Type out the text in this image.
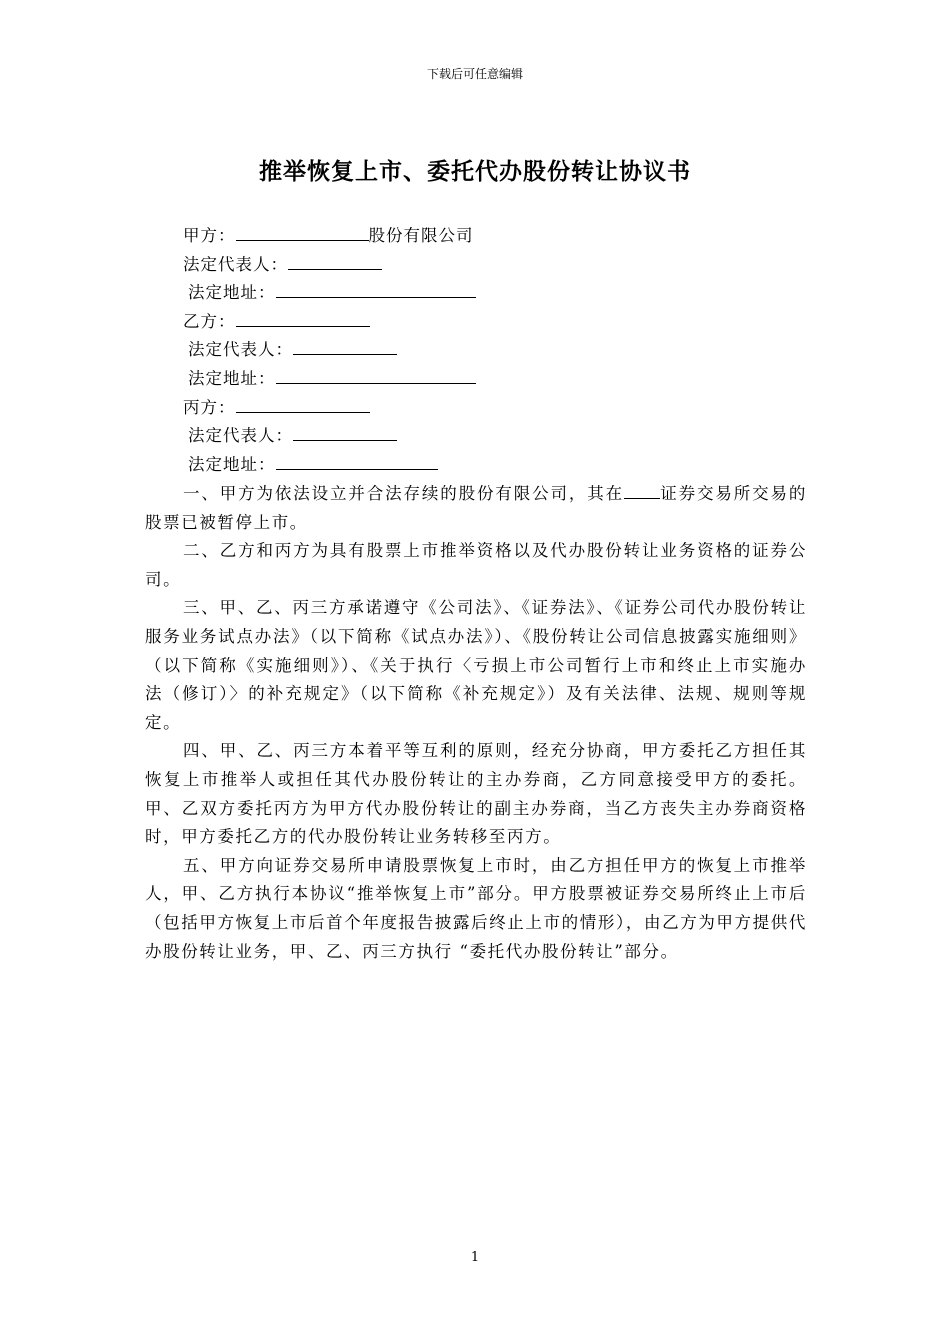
下载后可任意编辑
推举恢复上市、委托代办股份转让协议书
甲方：	股份有限公司
法定代表人：
法定地址：
乙方：
法定代表人：
法定地址：
丙方：
法定代表人：
法定地址：

一、甲方为依法设立并合法存续的股份有限公司，其在 证券交易所交易的股票已被暂停上市。

二、乙方和丙方为具有股票上市推举资格以及代办股份转让业务资格的证券公司。

三、甲、乙、丙三方承诺遵守《公司法》、《证券法》、《证券公司代办股份转让服务业务试点办法》（以下简称《试点办法》）、《股份转让公司信息披露实施细则》（以下简称《实施细则》）、《关于执行〈亏损上市公司暂行上市和终止上市实施办法（修订）〉的补充规定》（以下简称《补充规定》）及有关法律、法规、规则等规定。

四、甲、乙、丙三方本着平等互利的原则，经充分协商，甲方委托乙方担任其恢复上市推举人或担任其代办股份转让的主办券商，乙方同意接受甲方的委托。甲、乙双方委托丙方为甲方代办股份转让的副主办券商，当乙方丧失主办券商资格时，甲方委托乙方的代办股份转让业务转移至丙方。

五、甲方向证券交易所申请股票恢复上市时，由乙方担任甲方的恢复上市推举人，甲、乙方执行本协议“推举恢复上市”部分。甲方股票被证券交易所终止上市后（包括甲方恢复上市后首个年度报告披露后终止上市的情形），由乙方为甲方提供代办股份转让业务，甲、乙、丙三方执行 “委托代办股份转让”部分。

1
